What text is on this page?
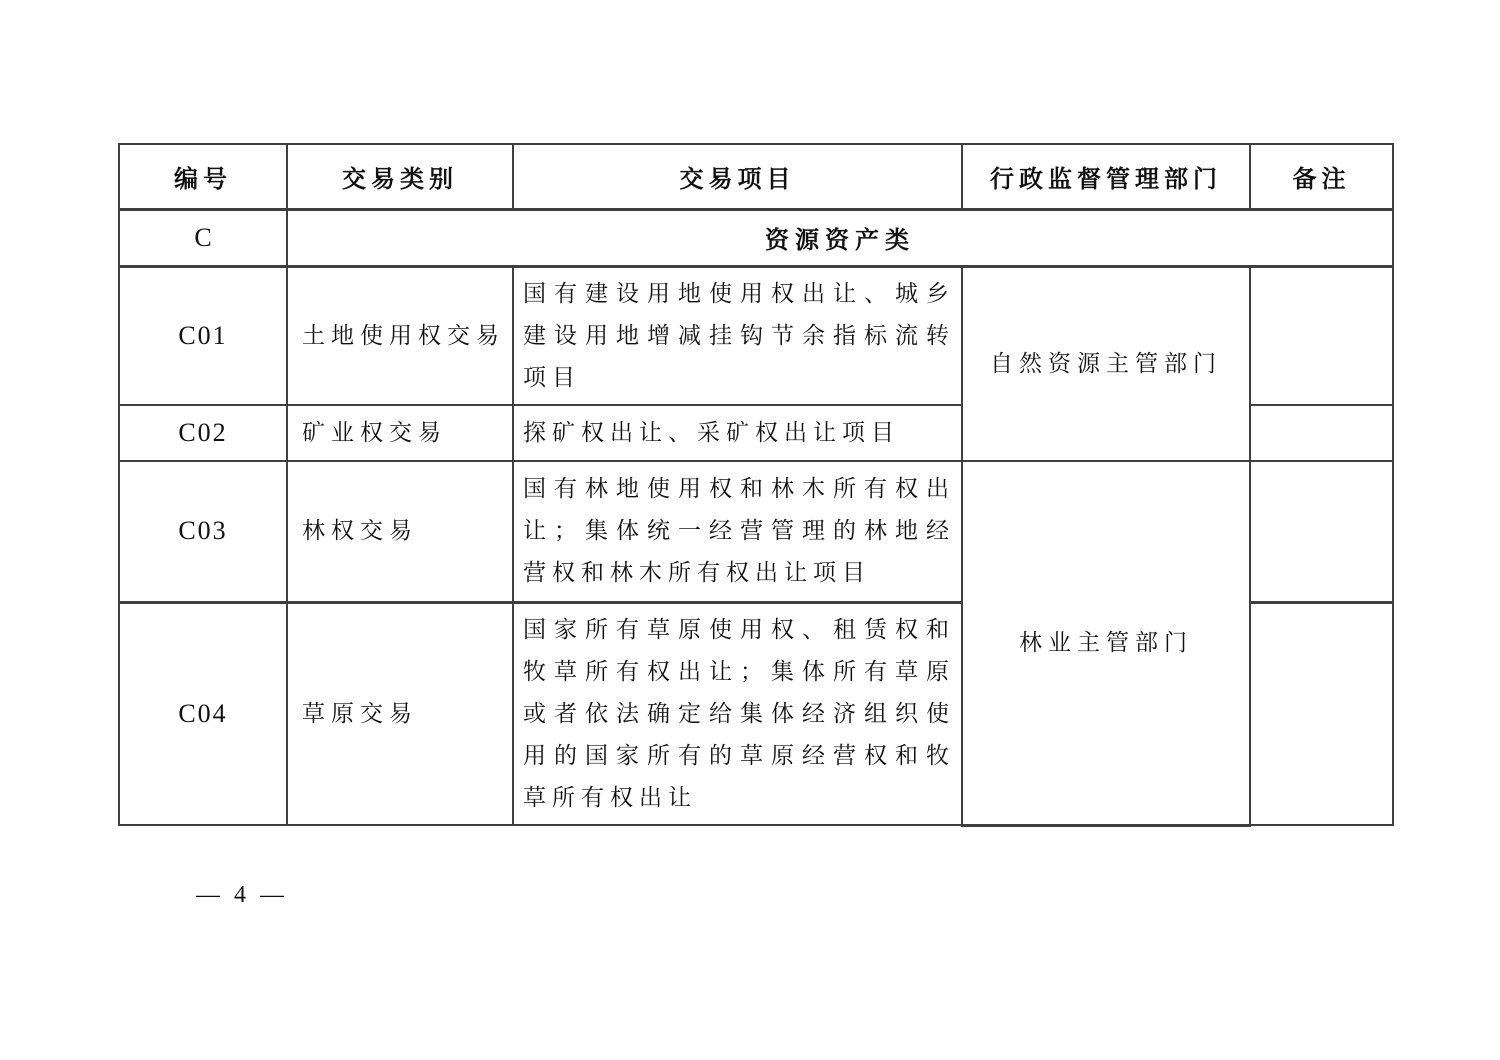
编号	交易类别	交易项目	行政监督管理部门	备注
C	资源资产类			
C01	土地使用权交易	国有建设用地使用权出让、城乡建设用地增减挂钩节余指标流转项目	自然资源主管部门	
C02	矿业权交易	探矿权出让、采矿权出让项目		
C03	林权交易	国有林地使用权和林木所有权出让；集体统一经营管理的林地经营权和林木所有权出让项目	林业主管部门	
C04	草原交易	国家所有草原使用权、租赁权和牧草所有权出让；集体所有草原或者依法确定给集体经济组织使用的国家所有的草原经营权和牧草所有权出让		
— 4 —
